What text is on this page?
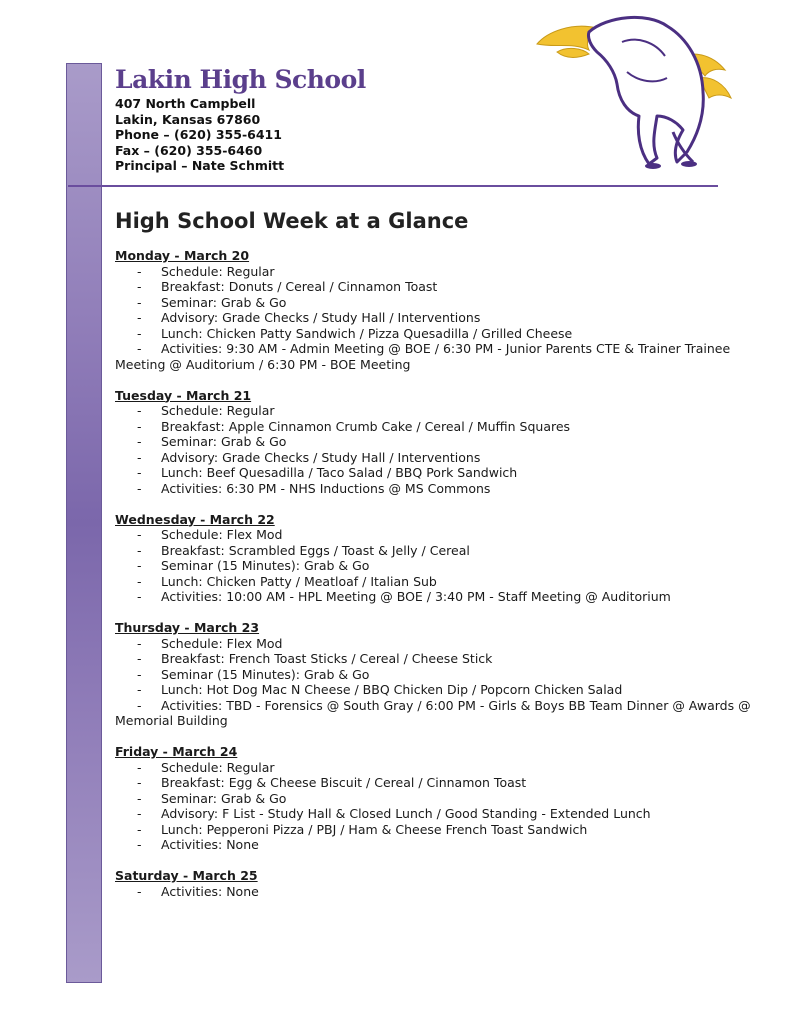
Lakin High School
407 North Campbell
Lakin, Kansas 67860
Phone – (620) 355-6411
Fax – (620) 355-6460
Principal – Nate Schmitt
High School Week at a Glance
Monday - March 20
- Schedule: Regular
- Breakfast: Donuts / Cereal / Cinnamon Toast
- Seminar: Grab & Go
- Advisory: Grade Checks / Study Hall / Interventions
- Lunch: Chicken Patty Sandwich / Pizza Quesadilla / Grilled Cheese
- Activities: 9:30 AM - Admin Meeting @ BOE / 6:30 PM - Junior Parents CTE & Trainer Trainee
Meeting @ Auditorium / 6:30 PM - BOE Meeting
Tuesday - March 21
- Schedule: Regular
- Breakfast: Apple Cinnamon Crumb Cake / Cereal / Muffin Squares
- Seminar: Grab & Go
- Advisory: Grade Checks / Study Hall / Interventions
- Lunch: Beef Quesadilla / Taco Salad / BBQ Pork Sandwich
- Activities: 6:30 PM - NHS Inductions @ MS Commons
Wednesday - March 22
- Schedule: Flex Mod
- Breakfast: Scrambled Eggs / Toast & Jelly / Cereal
- Seminar (15 Minutes): Grab & Go
- Lunch: Chicken Patty / Meatloaf / Italian Sub
- Activities: 10:00 AM - HPL Meeting @ BOE / 3:40 PM - Staff Meeting @ Auditorium
Thursday - March 23
- Schedule: Flex Mod
- Breakfast: French Toast Sticks / Cereal / Cheese Stick
- Seminar (15 Minutes): Grab & Go
- Lunch: Hot Dog Mac N Cheese / BBQ Chicken Dip / Popcorn Chicken Salad
- Activities: TBD - Forensics @ South Gray / 6:00 PM - Girls & Boys BB Team Dinner @ Awards @
Memorial Building
Friday - March 24
- Schedule: Regular
- Breakfast: Egg & Cheese Biscuit / Cereal / Cinnamon Toast
- Seminar: Grab & Go
- Advisory: F List - Study Hall & Closed Lunch / Good Standing - Extended Lunch
- Lunch: Pepperoni Pizza / PBJ / Ham & Cheese French Toast Sandwich
- Activities: None
Saturday - March 25
- Activities: None
